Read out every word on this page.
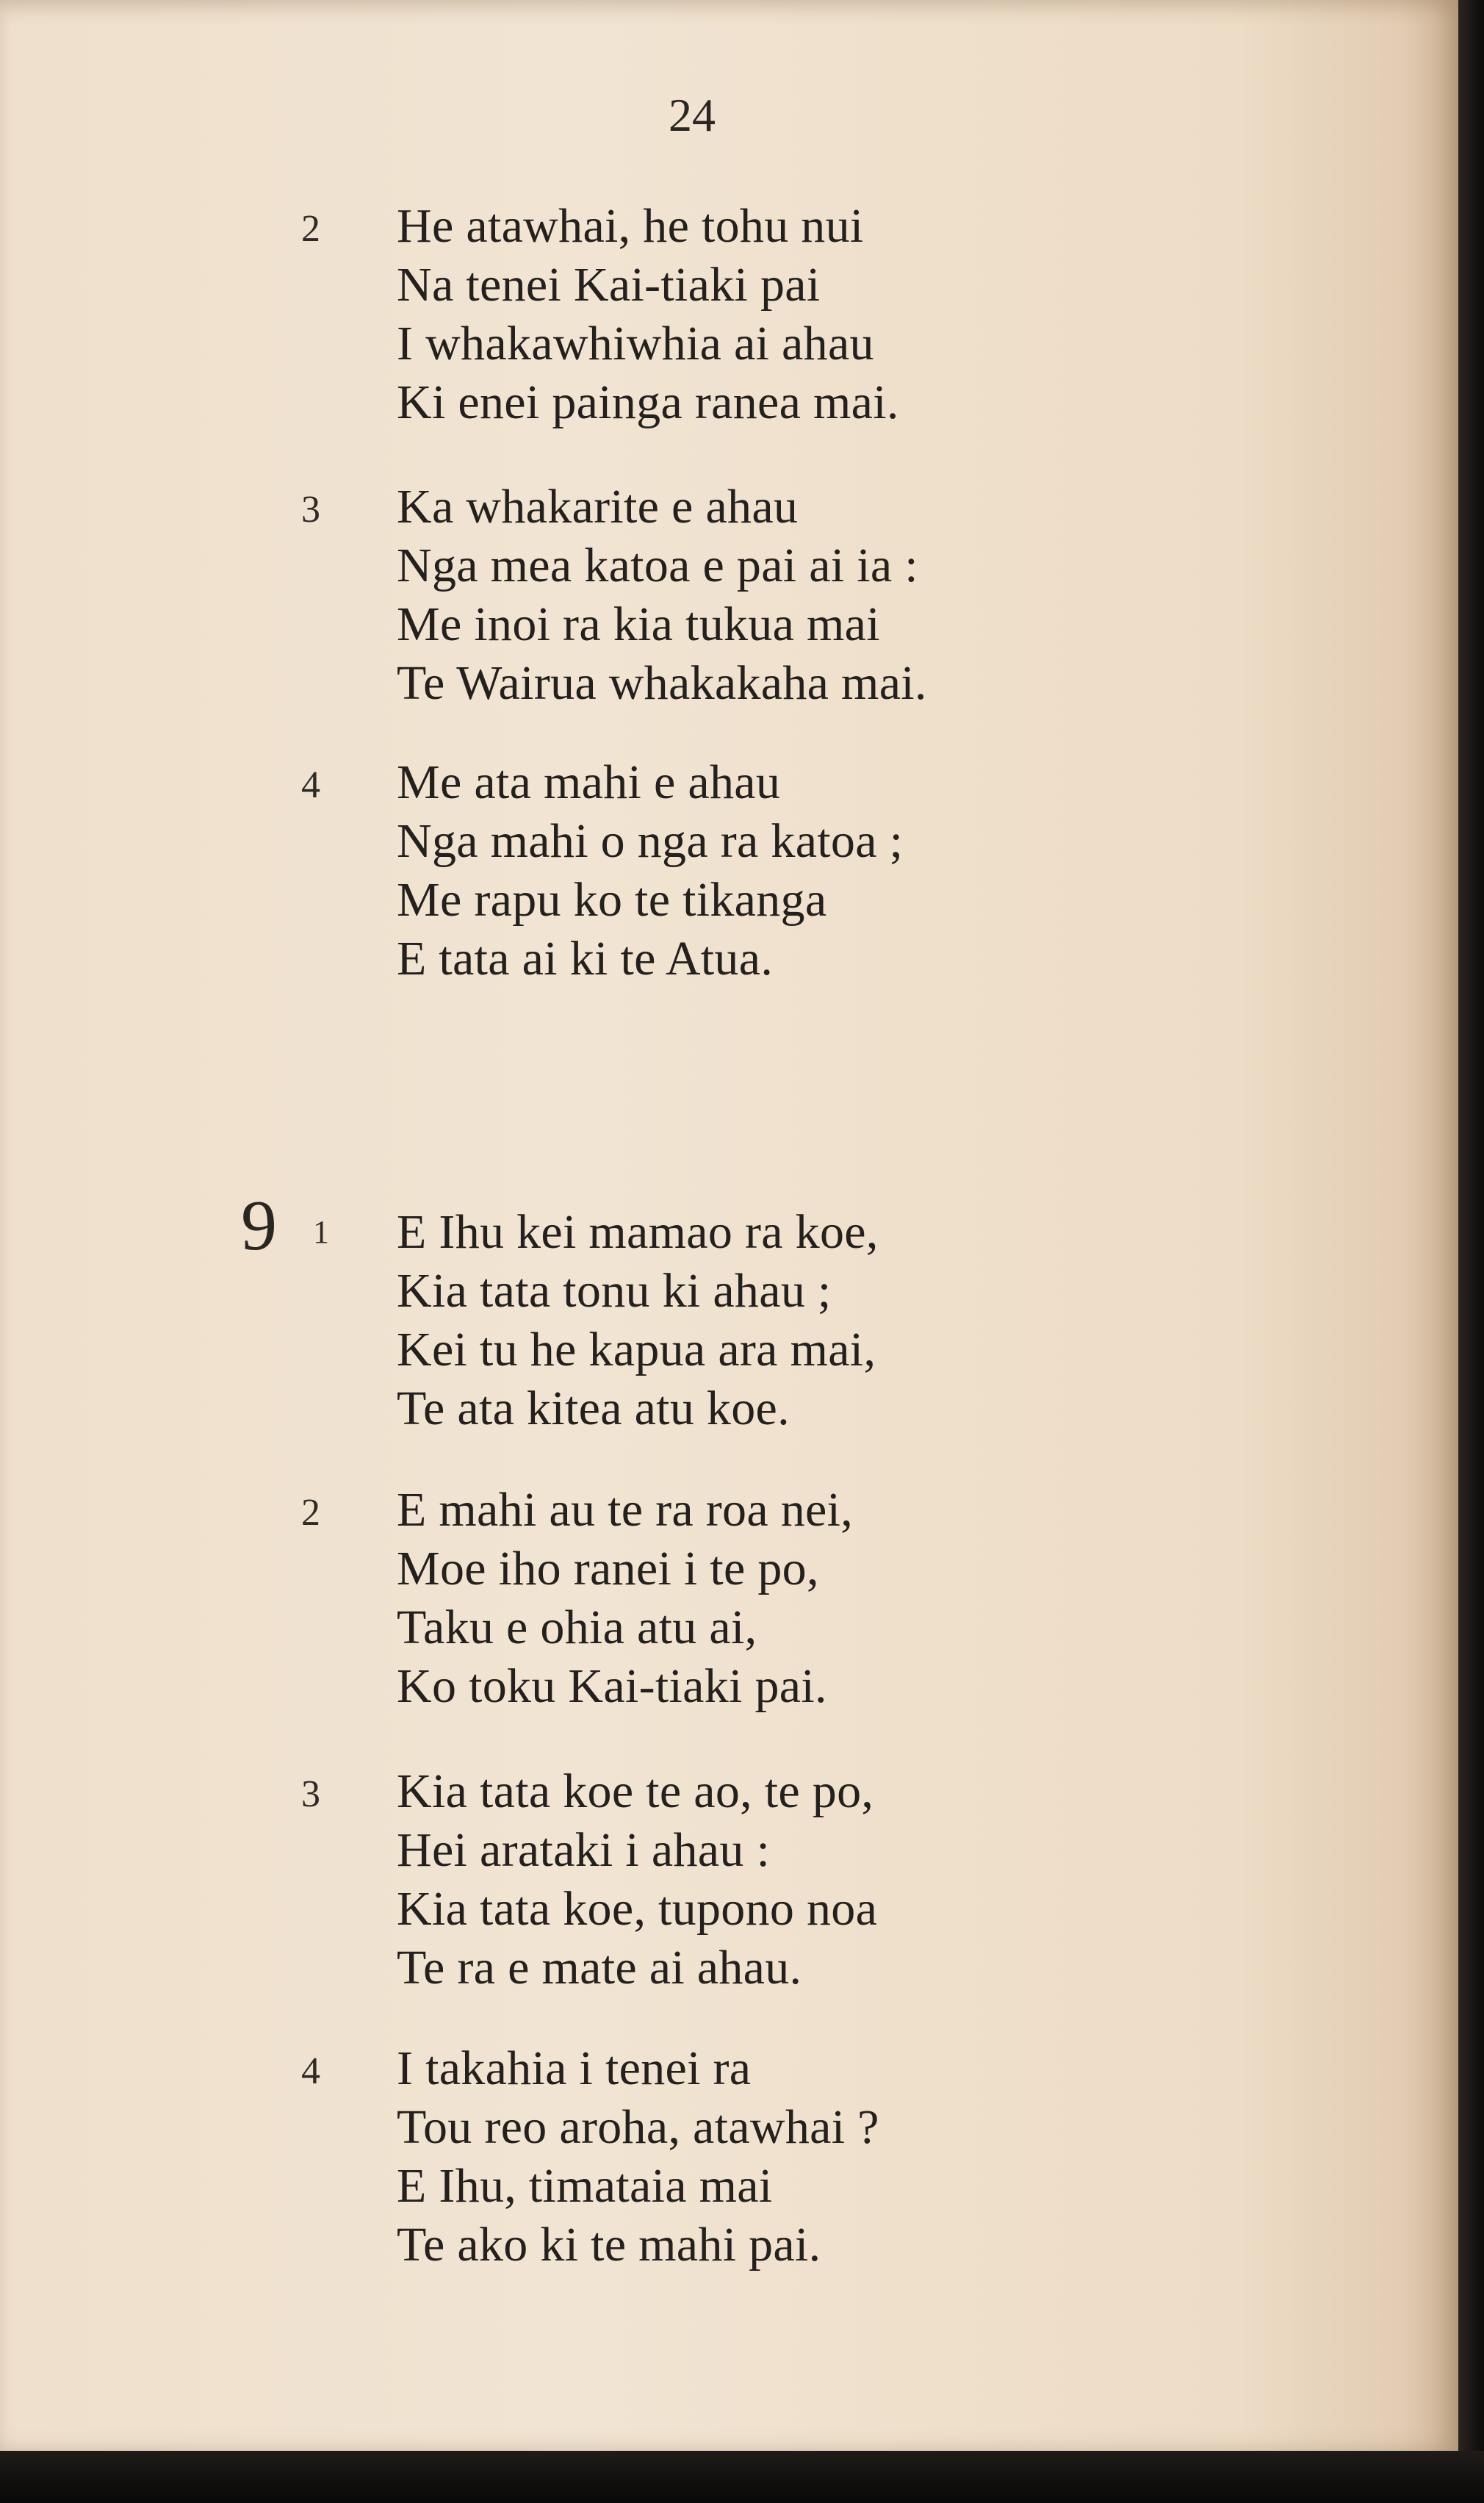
24

2 He atawhai, he tohu nui
Na tenei Kai-tiaki pai
I whakawhiwhia ai ahau
Ki enei painga ranea mai.
3 Ka whakarite e ahau
Nga mea katoa e pai ai ia :
Me inoi ra kia tukua mai
Te Wairua whakakaha mai.
4 Me ata mahi e ahau
Nga mahi o nga ra katoa ;
Me rapu ko te tikanga
E tata ai ki te Atua.
9 1 E Ihu kei mamao ra koe,
Kia tata tonu ki ahau ;
Kei tu he kapua ara mai,
Te ata kitea atu koe.
2 E mahi au te ra roa nei,
Moe iho ranei i te po,
Taku e ohia atu ai,
Ko toku Kai-tiaki pai.
3 Kia tata koe te ao, te po,
Hei arataki i ahau :
Kia tata koe, tupono noa
Te ra e mate ai ahau.
4 I takahia i tenei ra
Tou reo aroha, atawhai ?
E Ihu, timataia mai
Te ako ki te mahi pai.
